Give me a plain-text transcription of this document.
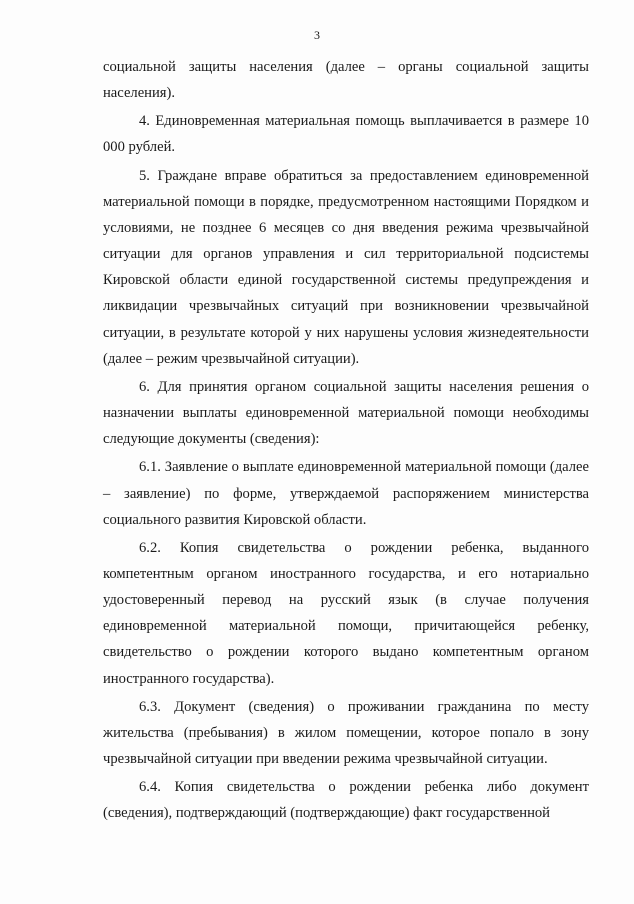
3

социальной защиты населения (далее – органы социальной защиты населения).

4. Единовременная материальная помощь выплачивается в размере 10 000 рублей.

5. Граждане вправе обратиться за предоставлением единовременной материальной помощи в порядке, предусмотренном настоящими Порядком и условиями, не позднее 6 месяцев со дня введения режима чрезвычайной ситуации для органов управления и сил территориальной подсистемы Кировской области единой государственной системы предупреждения и ликвидации чрезвычайных ситуаций при возникновении чрезвычайной ситуации, в результате которой у них нарушены условия жизнедеятельности (далее – режим чрезвычайной ситуации).

6. Для принятия органом социальной защиты населения решения о назначении выплаты единовременной материальной помощи необходимы следующие документы (сведения):

6.1. Заявление о выплате единовременной материальной помощи (далее – заявление) по форме, утверждаемой распоряжением министерства социального развития Кировской области.

6.2. Копия свидетельства о рождении ребенка, выданного компетентным органом иностранного государства, и его нотариально удостоверенный перевод на русский язык (в случае получения единовременной материальной помощи, причитающейся ребенку, свидетельство о рождении которого выдано компетентным органом иностранного государства).

6.3. Документ (сведения) о проживании гражданина по месту жительства (пребывания) в жилом помещении, которое попало в зону чрезвычайной ситуации при введении режима чрезвычайной ситуации.

6.4. Копия свидетельства о рождении ребенка либо документ (сведения), подтверждающий (подтверждающие) факт государственной
